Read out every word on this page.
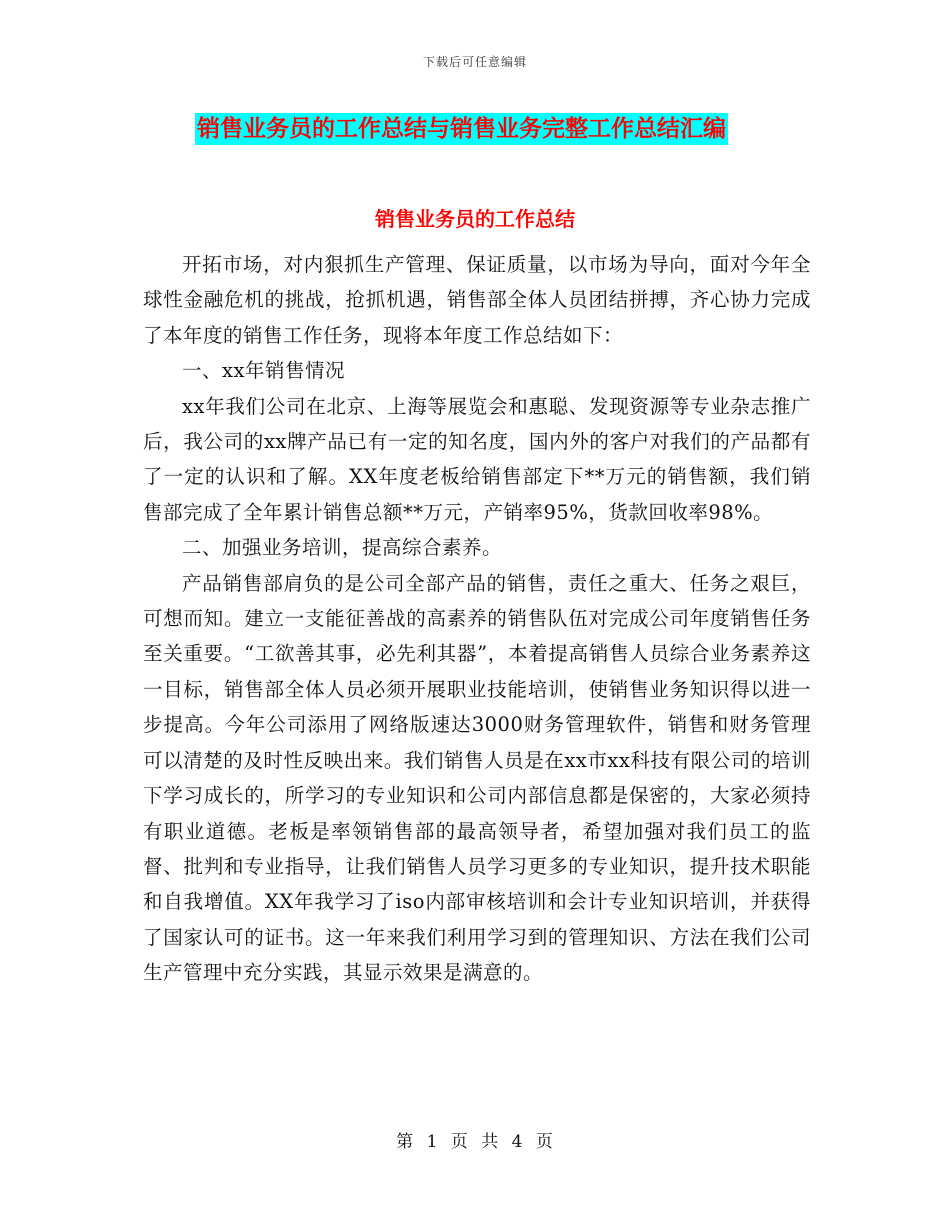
下载后可任意编辑
销售业务员的工作总结与销售业务完整工作总结汇编
销售业务员的工作总结

开拓市场，对内狠抓生产管理、保证质量，以市场为导向，面对今年全球性金融危机的挑战，抢抓机遇，销售部全体人员团结拼搏，齐心协力完成了本年度的销售工作任务，现将本年度工作总结如下：

一、xx年销售情况

xx年我们公司在北京、上海等展览会和惠聪、发现资源等专业杂志推广后，我公司的xx牌产品已有一定的知名度，国内外的客户对我们的产品都有了一定的认识和了解。XX年度老板给销售部定下**万元的销售额，我们销售部完成了全年累计销售总额**万元，产销率95%，货款回收率98%。

二、加强业务培训，提高综合素养。

产品销售部肩负的是公司全部产品的销售，责任之重大、任务之艰巨，可想而知。建立一支能征善战的高素养的销售队伍对完成公司年度销售任务至关重要。“工欲善其事，必先利其器”，本着提高销售人员综合业务素养这一目标，销售部全体人员必须开展职业技能培训，使销售业务知识得以进一步提高。今年公司添用了网络版速达3000财务管理软件，销售和财务管理可以清楚的及时性反映出来。我们销售人员是在xx市xx科技有限公司的培训下学习成长的，所学习的专业知识和公司内部信息都是保密的，大家必须持有职业道德。老板是率领销售部的最高领导者，希望加强对我们员工的监督、批判和专业指导，让我们销售人员学习更多的专业知识，提升技术职能和自我增值。XX年我学习了iso内部审核培训和会计专业知识培训，并获得了国家认可的证书。这一年来我们利用学习到的管理知识、方法在我们公司生产管理中充分实践，其显示效果是满意的。

第 1 页 共 4 页
